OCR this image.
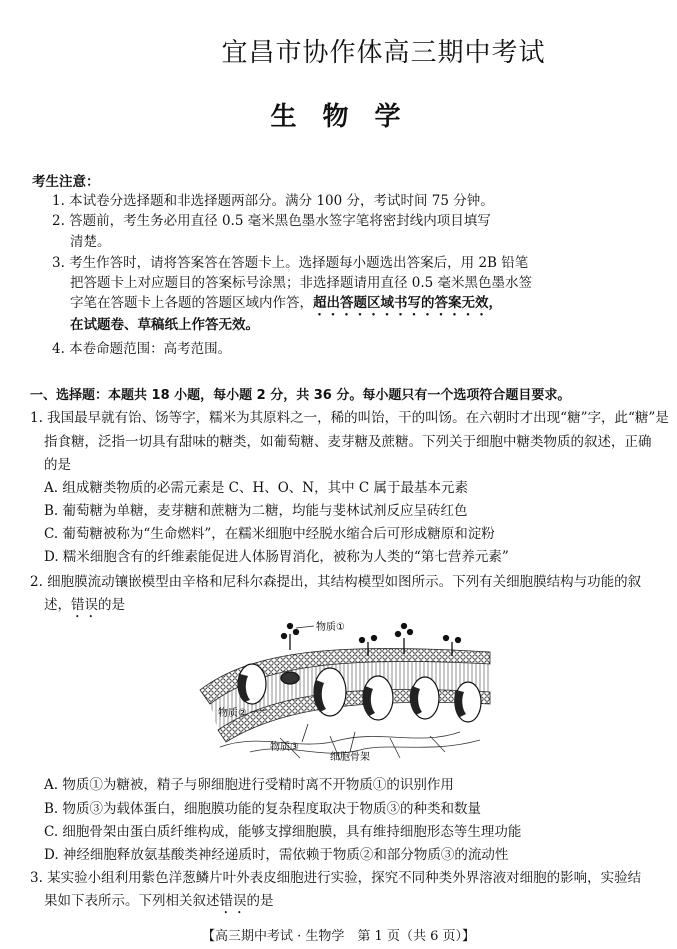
宜昌市协作体高三期中考试
生物学
考生注意：
1. 本试卷分选择题和非选择题两部分。满分 100 分，考试时间 75 分钟。
2. 答题前，考生务必用直径 0.5 毫米黑色墨水签字笔将密封线内项目填写
清楚。
3. 考生作答时，请将答案答在答题卡上。选择题每小题选出答案后，用 2B 铅笔
把答题卡上对应题目的答案标号涂黑；非选择题请用直径 0.5 毫米黑色墨水签
字笔在答题卡上各题的答题区域内作答，超出答题区域书写的答案无效，
在试题卷、草稿纸上作答无效。
4. 本卷命题范围：高考范围。
一、选择题：本题共 18 小题，每小题 2 分，共 36 分。每小题只有一个选项符合题目要求。
1. 我国最早就有饴、饧等字，糯米为其原料之一，稀的叫饴，干的叫饧。在六朝时才出现“糖”字，此“糖”是
指食糖，泛指一切具有甜味的糖类，如葡萄糖、麦芽糖及蔗糖。下列关于细胞中糖类物质的叙述，正确
的是
A. 组成糖类物质的必需元素是 C、H、O、N，其中 C 属于最基本元素
B. 葡萄糖为单糖，麦芽糖和蔗糖为二糖，均能与斐林试剂反应呈砖红色
C. 葡萄糖被称为“生命燃料”，在糯米细胞中经脱水缩合后可形成糖原和淀粉
D. 糯米细胞含有的纤维素能促进人体肠胃消化，被称为人类的“第七营养元素”
2. 细胞膜流动镶嵌模型由辛格和尼科尔森提出，其结构模型如图所示。下列有关细胞膜结构与功能的叙
述，错误的是
物质①
物质②
物质③
细胞骨架
A. 物质①为糖被，精子与卵细胞进行受精时离不开物质①的识别作用
B. 物质③为载体蛋白，细胞膜功能的复杂程度取决于物质③的种类和数量
C. 细胞骨架由蛋白质纤维构成，能够支撑细胞膜，具有维持细胞形态等生理功能
D. 神经细胞释放氨基酸类神经递质时，需依赖于物质②和部分物质③的流动性
3. 某实验小组利用紫色洋葱鳞片叶外表皮细胞进行实验，探究不同种类外界溶液对细胞的影响，实验结
果如下表所示。下列相关叙述错误的是
【高三期中考试 · 生物学　第 1 页（共 6 页）】
